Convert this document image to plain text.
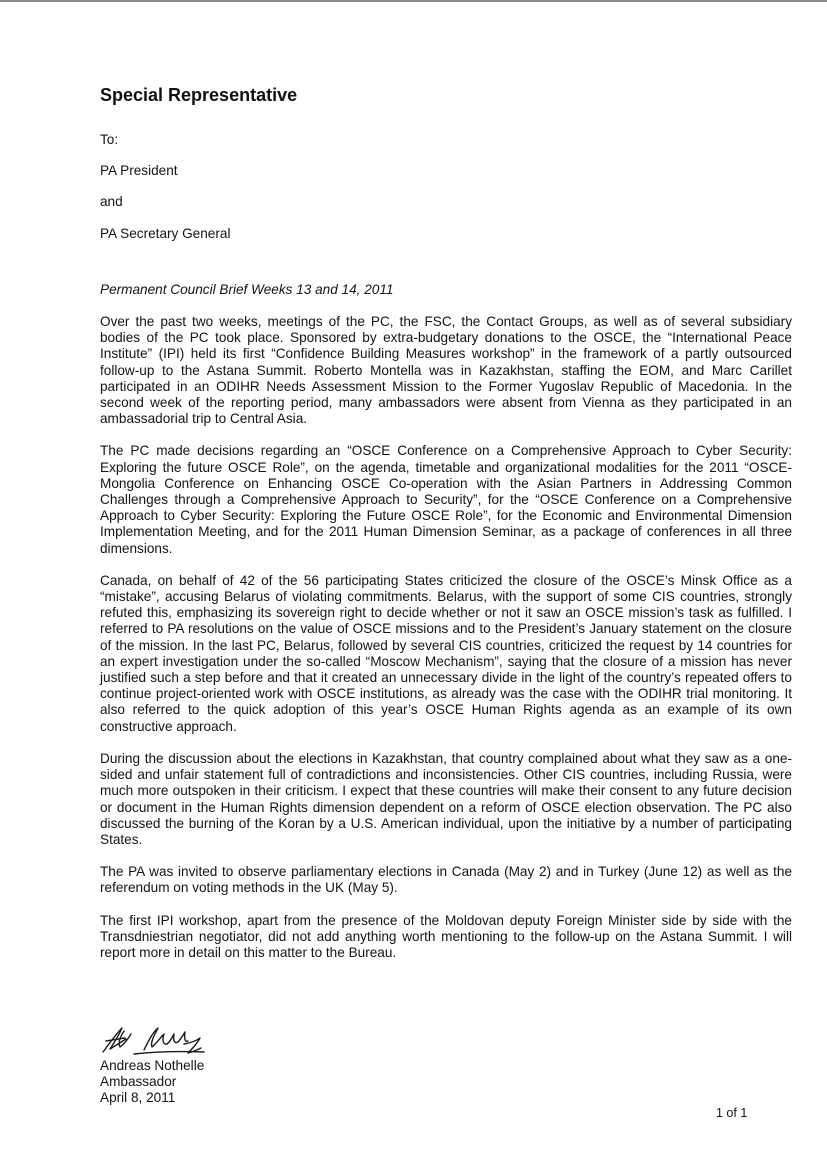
Special Representative
To:
PA President
and
PA Secretary General
Permanent Council Brief Weeks 13 and 14, 2011

Over the past two weeks, meetings of the PC, the FSC, the Contact Groups, as well as of several subsidiary bodies of the PC took place. Sponsored by extra-budgetary donations to the OSCE, the “International Peace Institute” (IPI) held its first “Confidence Building Measures workshop” in the framework of a partly outsourced follow-up to the Astana Summit. Roberto Montella was in Kazakhstan, staffing the EOM, and Marc Carillet participated in an ODIHR Needs Assessment Mission to the Former Yugoslav Republic of Macedonia. In the second week of the reporting period, many ambassadors were absent from Vienna as they participated in an ambassadorial trip to Central Asia.

The PC made decisions regarding an “OSCE Conference on a Comprehensive Approach to Cyber Security: Exploring the future OSCE Role”, on the agenda, timetable and organizational modalities for the 2011 “OSCE-Mongolia Conference on Enhancing OSCE Co-operation with the Asian Partners in Addressing Common Challenges through a Comprehensive Approach to Security”, for the “OSCE Conference on a Comprehensive Approach to Cyber Security: Exploring the Future OSCE Role”, for the Economic and Environmental Dimension Implementation Meeting, and for the 2011 Human Dimension Seminar, as a package of conferences in all three dimensions.

Canada, on behalf of 42 of the 56 participating States criticized the closure of the OSCE’s Minsk Office as a “mistake”, accusing Belarus of violating commitments. Belarus, with the support of some CIS countries, strongly refuted this, emphasizing its sovereign right to decide whether or not it saw an OSCE mission’s task as fulfilled. I referred to PA resolutions on the value of OSCE missions and to the President’s January statement on the closure of the mission. In the last PC, Belarus, followed by several CIS countries, criticized the request by 14 countries for an expert investigation under the so-called “Moscow Mechanism”, saying that the closure of a mission has never justified such a step before and that it created an unnecessary divide in the light of the country’s repeated offers to continue project-oriented work with OSCE institutions, as already was the case with the ODIHR trial monitoring. It also referred to the quick adoption of this year’s OSCE Human Rights agenda as an example of its own constructive approach.

During the discussion about the elections in Kazakhstan, that country complained about what they saw as a one-sided and unfair statement full of contradictions and inconsistencies. Other CIS countries, including Russia, were much more outspoken in their criticism. I expect that these countries will make their consent to any future decision or document in the Human Rights dimension dependent on a reform of OSCE election observation. The PC also discussed the burning of the Koran by a U.S. American individual, upon the initiative by a number of participating States.

The PA was invited to observe parliamentary elections in Canada (May 2) and in Turkey (June 12) as well as the referendum on voting methods in the UK (May 5).

The first IPI workshop, apart from the presence of the Moldovan deputy Foreign Minister side by side with the Transdniestrian negotiator, did not add anything worth mentioning to the follow-up on the Astana Summit. I will report more in detail on this matter to the Bureau.

Andreas Nothelle
Ambassador
April 8, 2011
1 of 1
